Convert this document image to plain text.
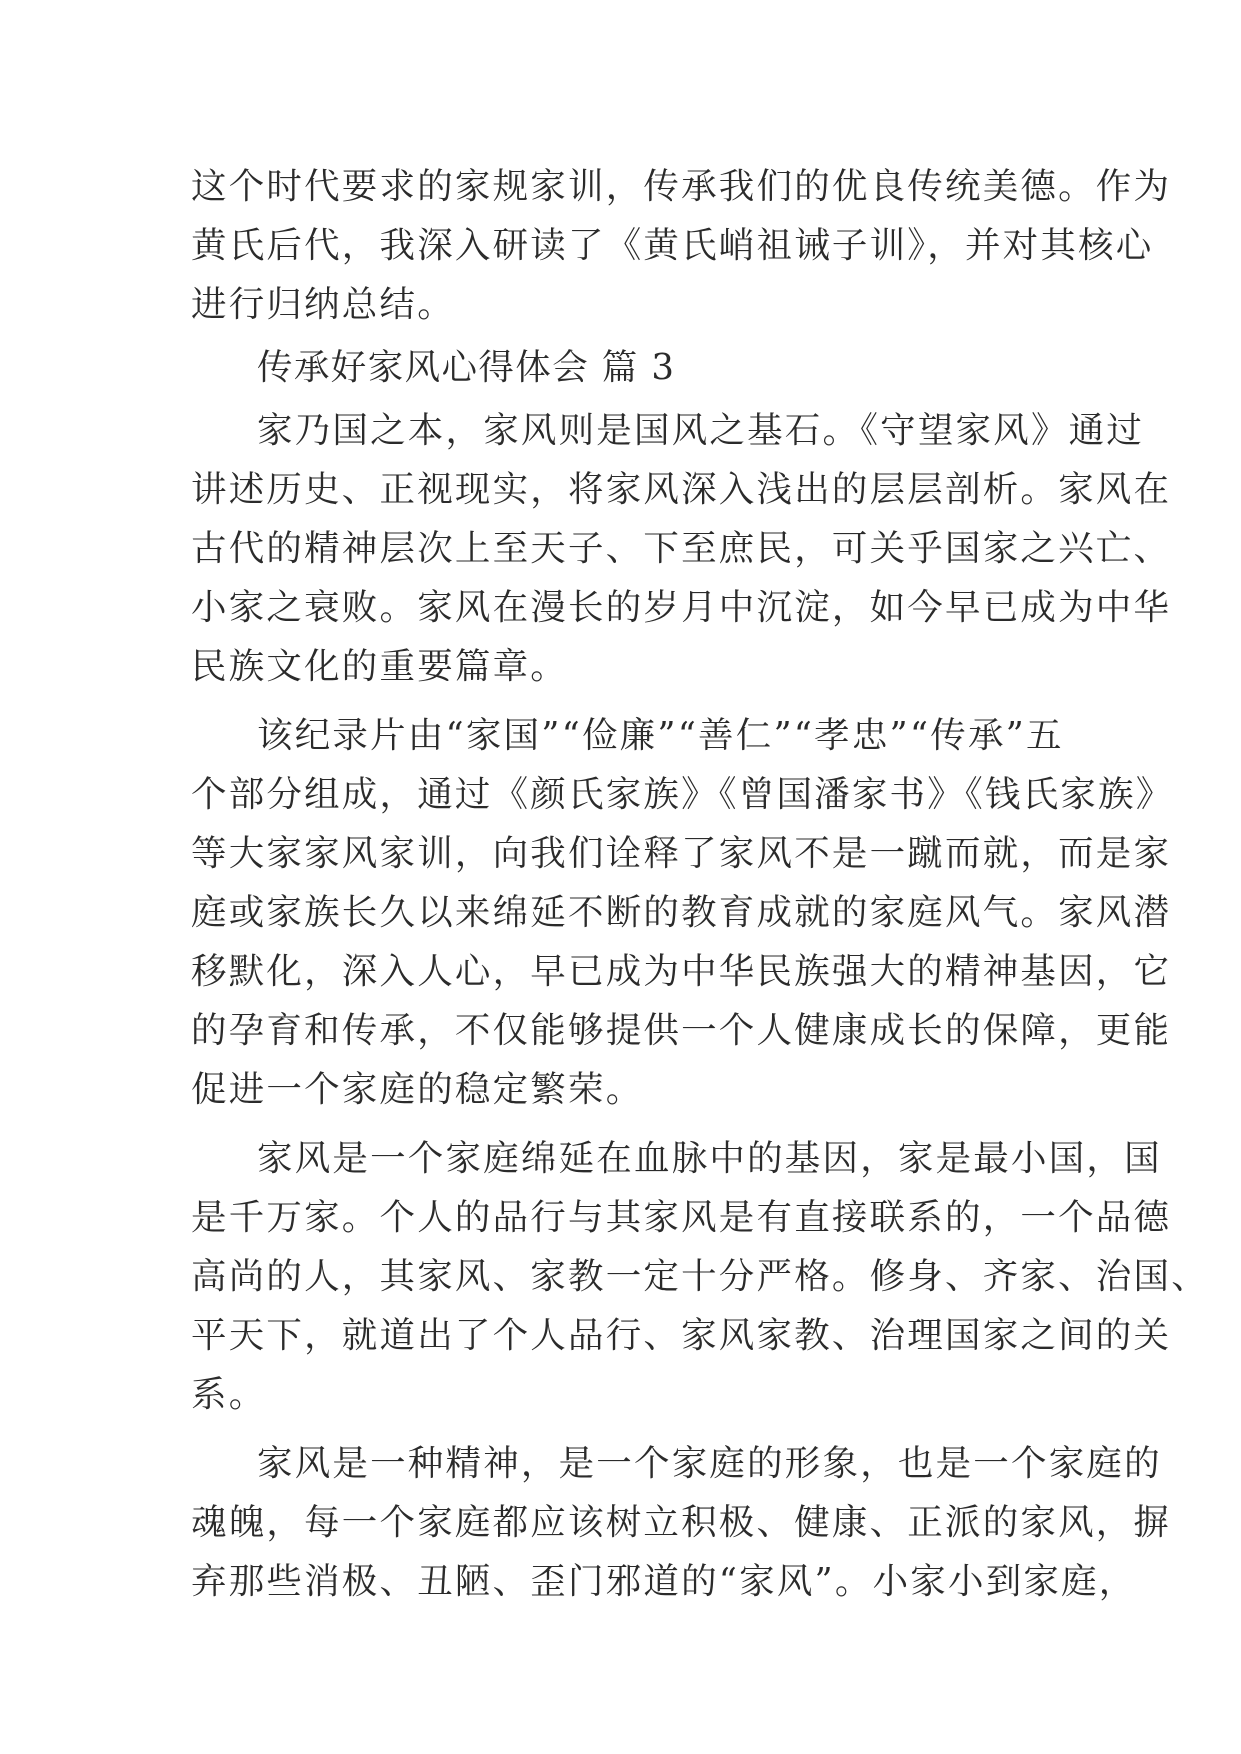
这个时代要求的家规家训，传承我们的优良传统美德。作为
黄氏后代，我深入研读了《黄氏峭祖诫子训》，并对其核心
进行归纳总结。
传承好家风心得体会 篇 3
家乃国之本，家风则是国风之基石。《守望家风》通过
讲述历史、正视现实，将家风深入浅出的层层剖析。家风在
古代的精神层次上至天子、下至庶民，可关乎国家之兴亡、
小家之衰败。家风在漫长的岁月中沉淀，如今早已成为中华
民族文化的重要篇章。
该纪录片由“家国”“俭廉”“善仁”“孝忠”“传承”五
个部分组成，通过《颜氏家族》《曾国潘家书》《钱氏家族》
等大家家风家训，向我们诠释了家风不是一蹴而就，而是家
庭或家族长久以来绵延不断的教育成就的家庭风气。家风潜
移默化，深入人心，早已成为中华民族强大的精神基因，它
的孕育和传承，不仅能够提供一个人健康成长的保障，更能
促进一个家庭的稳定繁荣。
家风是一个家庭绵延在血脉中的基因，家是最小国，国
是千万家。个人的品行与其家风是有直接联系的，一个品德
高尚的人，其家风、家教一定十分严格。修身、齐家、治国、
平天下，就道出了个人品行、家风家教、治理国家之间的关
系。
家风是一种精神，是一个家庭的形象，也是一个家庭的
魂魄，每一个家庭都应该树立积极、健康、正派的家风，摒
弃那些消极、丑陋、歪门邪道的“家风”。小家小到家庭，
